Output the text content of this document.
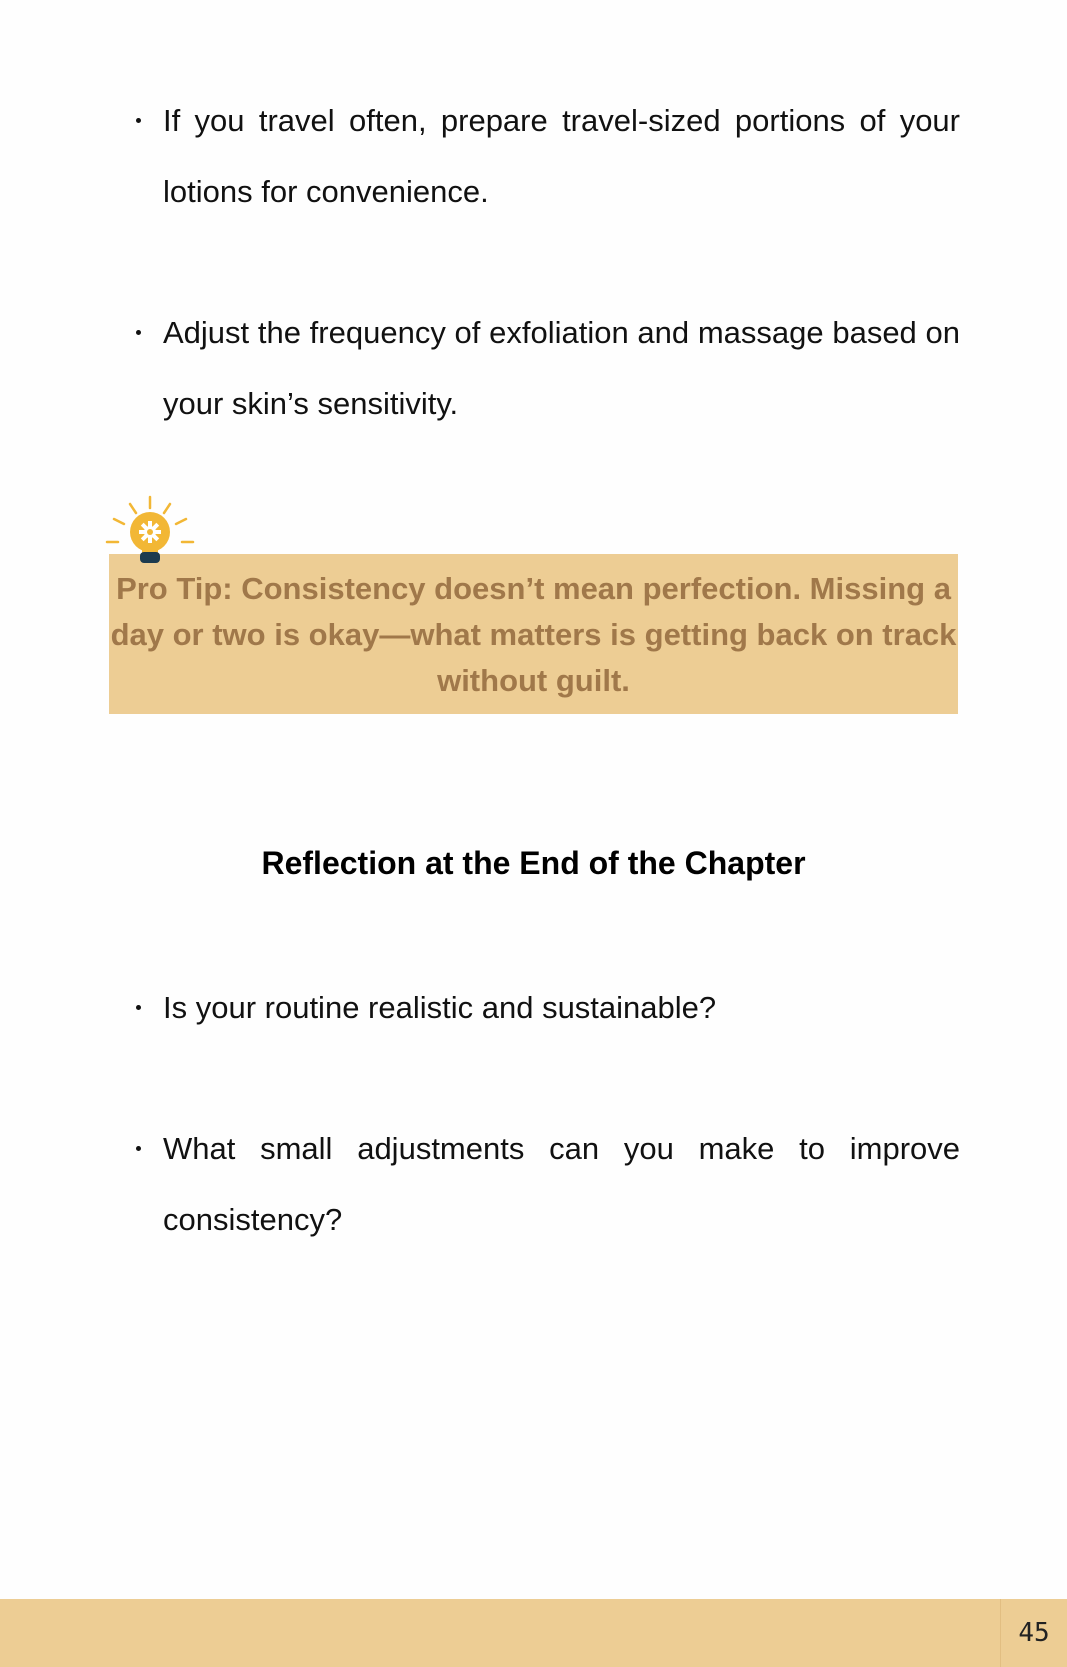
If you travel often, prepare travel-sized portions of your lotions for convenience.
Adjust the frequency of exfoliation and massage based on your skin’s sensitivity.

Pro Tip: Consistency doesn’t mean perfection. Missing a day or two is okay—what matters is getting back on track without guilt.

Reflection at the End of the Chapter
Is your routine realistic and sustainable?
What small adjustments can you make to improve consistency?
45
